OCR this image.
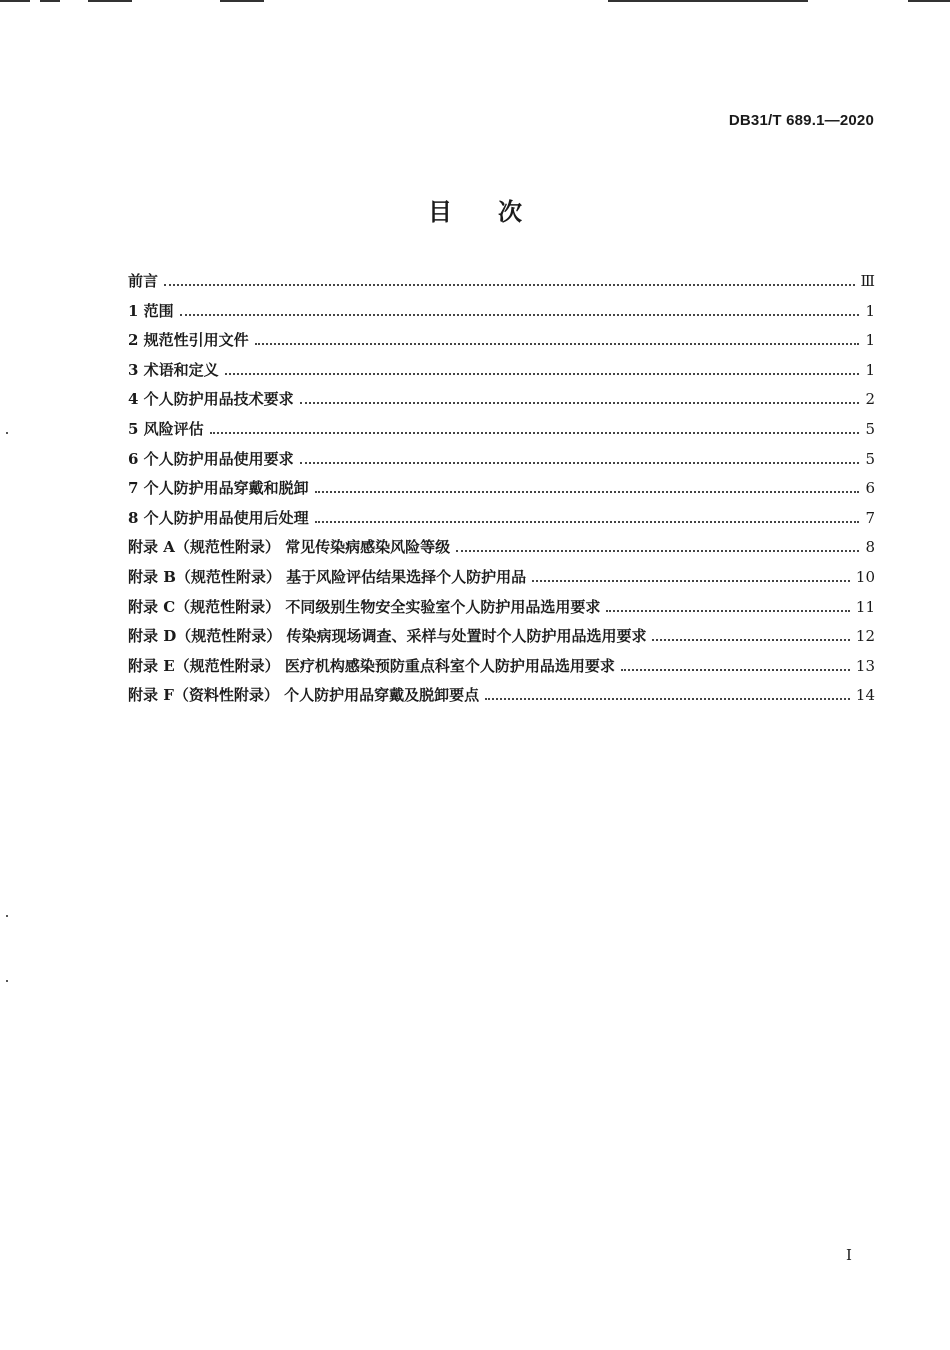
DB31/T 689.1—2020
目次
前言	Ⅲ
1 范围	1
2 规范性引用文件	1
3 术语和定义	1
4 个人防护用品技术要求	2
5 风险评估	5
6 个人防护用品使用要求	5
7 个人防护用品穿戴和脱卸	6
8 个人防护用品使用后处理	7
附录 A（规范性附录） 常见传染病感染风险等级	8
附录 B（规范性附录） 基于风险评估结果选择个人防护用品	10
附录 C（规范性附录） 不同级别生物安全实验室个人防护用品选用要求	11
附录 D（规范性附录） 传染病现场调查、采样与处置时个人防护用品选用要求	12
附录 E（规范性附录） 医疗机构感染预防重点科室个人防护用品选用要求	13
附录 F（资料性附录） 个人防护用品穿戴及脱卸要点	14
I
